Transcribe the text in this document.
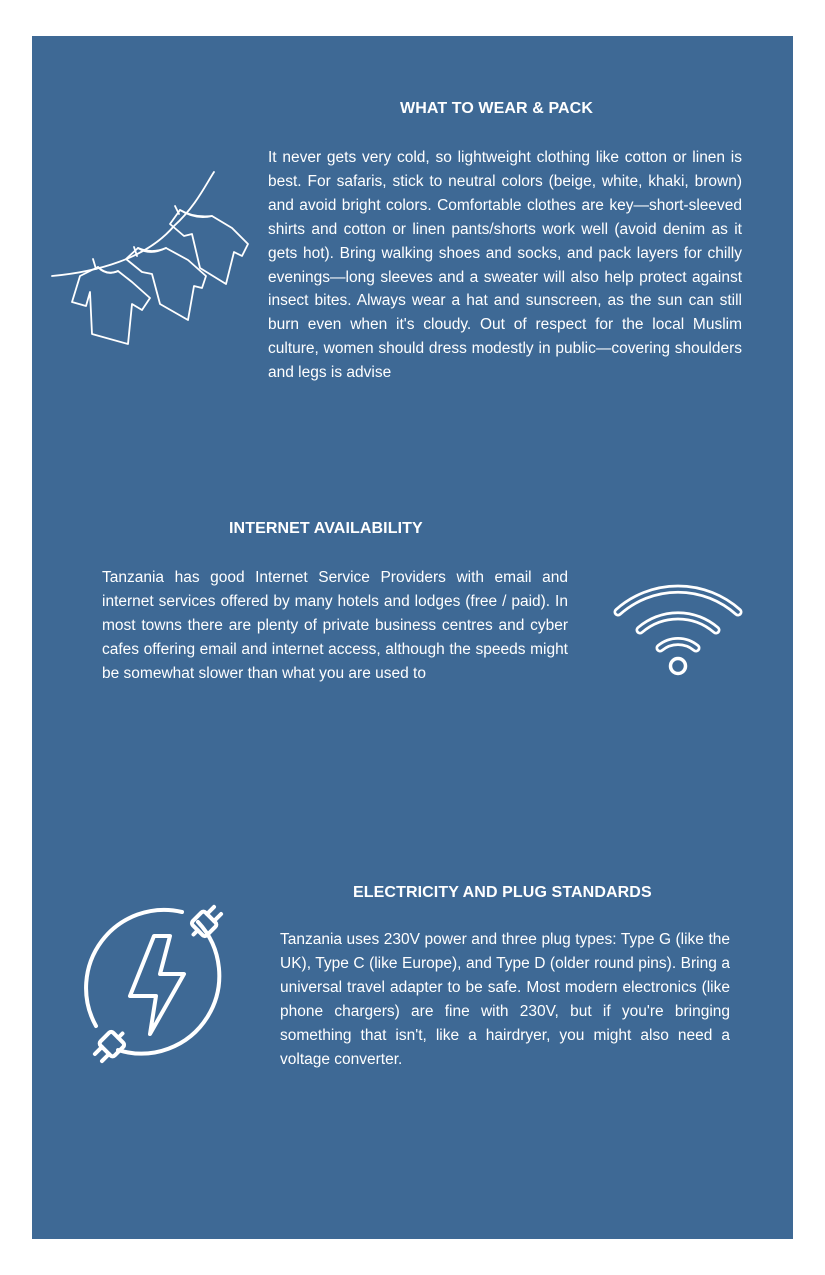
WHAT TO WEAR & PACK

It never gets very cold, so lightweight clothing like cotton or linen is best. For safaris, stick to neutral colors (beige, white, khaki, brown) and avoid bright colors. Comfortable clothes are key—short-sleeved shirts and cotton or linen pants/shorts work well (avoid denim as it gets hot). Bring walking shoes and socks, and pack layers for chilly evenings—long sleeves and a sweater will also help protect against insect bites. Always wear a hat and sunscreen, as the sun can still burn even when it's cloudy. Out of respect for the local Muslim culture, women should dress modestly in public—covering shoulders and legs is advise

INTERNET AVAILABILITY

Tanzania has good Internet Service Providers with email and internet services offered by many hotels and lodges (free / paid). In most towns there are plenty of private business centres and cyber cafes offering email and internet access, although the speeds might be somewhat slower than what you are used to

ELECTRICITY AND PLUG STANDARDS

Tanzania uses 230V power and three plug types: Type G (like the UK), Type C (like Europe), and Type D (older round pins). Bring a universal travel adapter to be safe. Most modern electronics (like phone chargers) are fine with 230V, but if you're bringing something that isn't, like a hairdryer, you might also need a voltage converter.
